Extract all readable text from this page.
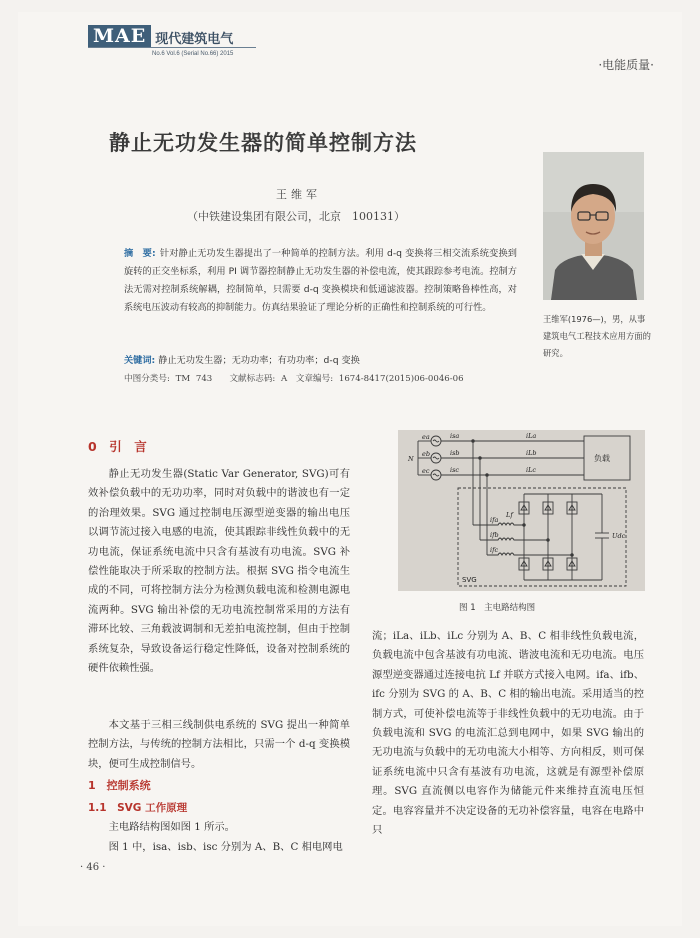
MAE 现代建筑电气
No.6 Vol.6 (Serial No.66) 2015
·电能质量·
静止无功发生器的简单控制方法
王维军
（中铁建设集团有限公司，北京　100131）
摘　要: 针对静止无功发生器提出了一种简单的控制方法。利用 d-q 变换将三相交流系统变换到旋转的正交坐标系，利用 PI 调节器控制静止无功发生器的补偿电流，使其跟踪参考电流。控制方法无需对控制系统解耦，控制简单，只需要 d-q 变换模块和低通滤波器。控制策略鲁棒性高，对系统电压波动有较高的抑制能力。仿真结果验证了理论分析的正确性和控制系统的可行性。
关键词: 静止无功发生器；无功功率；有功功率；d-q 变换
中图分类号: TM 743　　文献标志码: A　文章编号: 1674-8417(2015)06-0046-06
王维军(1976—)，男，从事建筑电气工程技术应用方面的研究。
0　引　言
静止无功发生器(Static Var Generator, SVG)可有效补偿负载中的无功功率，同时对负载中的谐波也有一定的治理效果。SVG 通过控制电压源型逆变器的输出电压以调节流过接入电感的电流，使其跟踪非线性负载中的无功电流，保证系统电流中只含有基波有功电流。SVG 补偿性能取决于所采取的控制方法。根据 SVG 指令电流生成的不同，可将控制方法分为检测负载电流和检测电源电流两种。SVG 输出补偿的无功电流控制常采用的方法有滞环比较、三角载波调制和无差拍电流控制，但由于控制系统复杂，导致设备运行稳定性降低，设备对控制系统的硬件依赖性强。
本文基于三相三线制供电系统的 SVG 提出一种简单控制方法，与传统的控制方法相比，只需一个 d-q 变换模块，便可生成控制信号。
1　控制系统
1.1　SVG 工作原理
主电路结构图如图 1 所示。
图 1 中，isa、isb、isc 分别为 A、B、C 相电网电
· 46 ·
ea
eb
ec
N
isa
isb
isc
iLa
iLb
iLc
ifa
ifb
ifc
Lf
Udc
负载
SVG
图 1　主电路结构图
流；iLa、iLb、iLc 分别为 A、B、C 相非线性负载电流，负载电流中包含基波有功电流、谐波电流和无功电流。电压源型逆变器通过连接电抗 Lf 并联方式接入电网。ifa、ifb、ifc 分别为 SVG 的 A、B、C 相的输出电流。采用适当的控制方式，可使补偿电流等于非线性负载中的无功电流。由于负载电流和 SVG 的电流汇总到电网中，如果 SVG 输出的无功电流与负载中的无功电流大小相等、方向相反，则可保证系统电流中只含有基波有功电流，这就是有源型补偿原理。SVG 直流侧以电容作为储能元件来维持直流电压恒定。电容容量并不决定设备的无功补偿容量，电容在电路中只
